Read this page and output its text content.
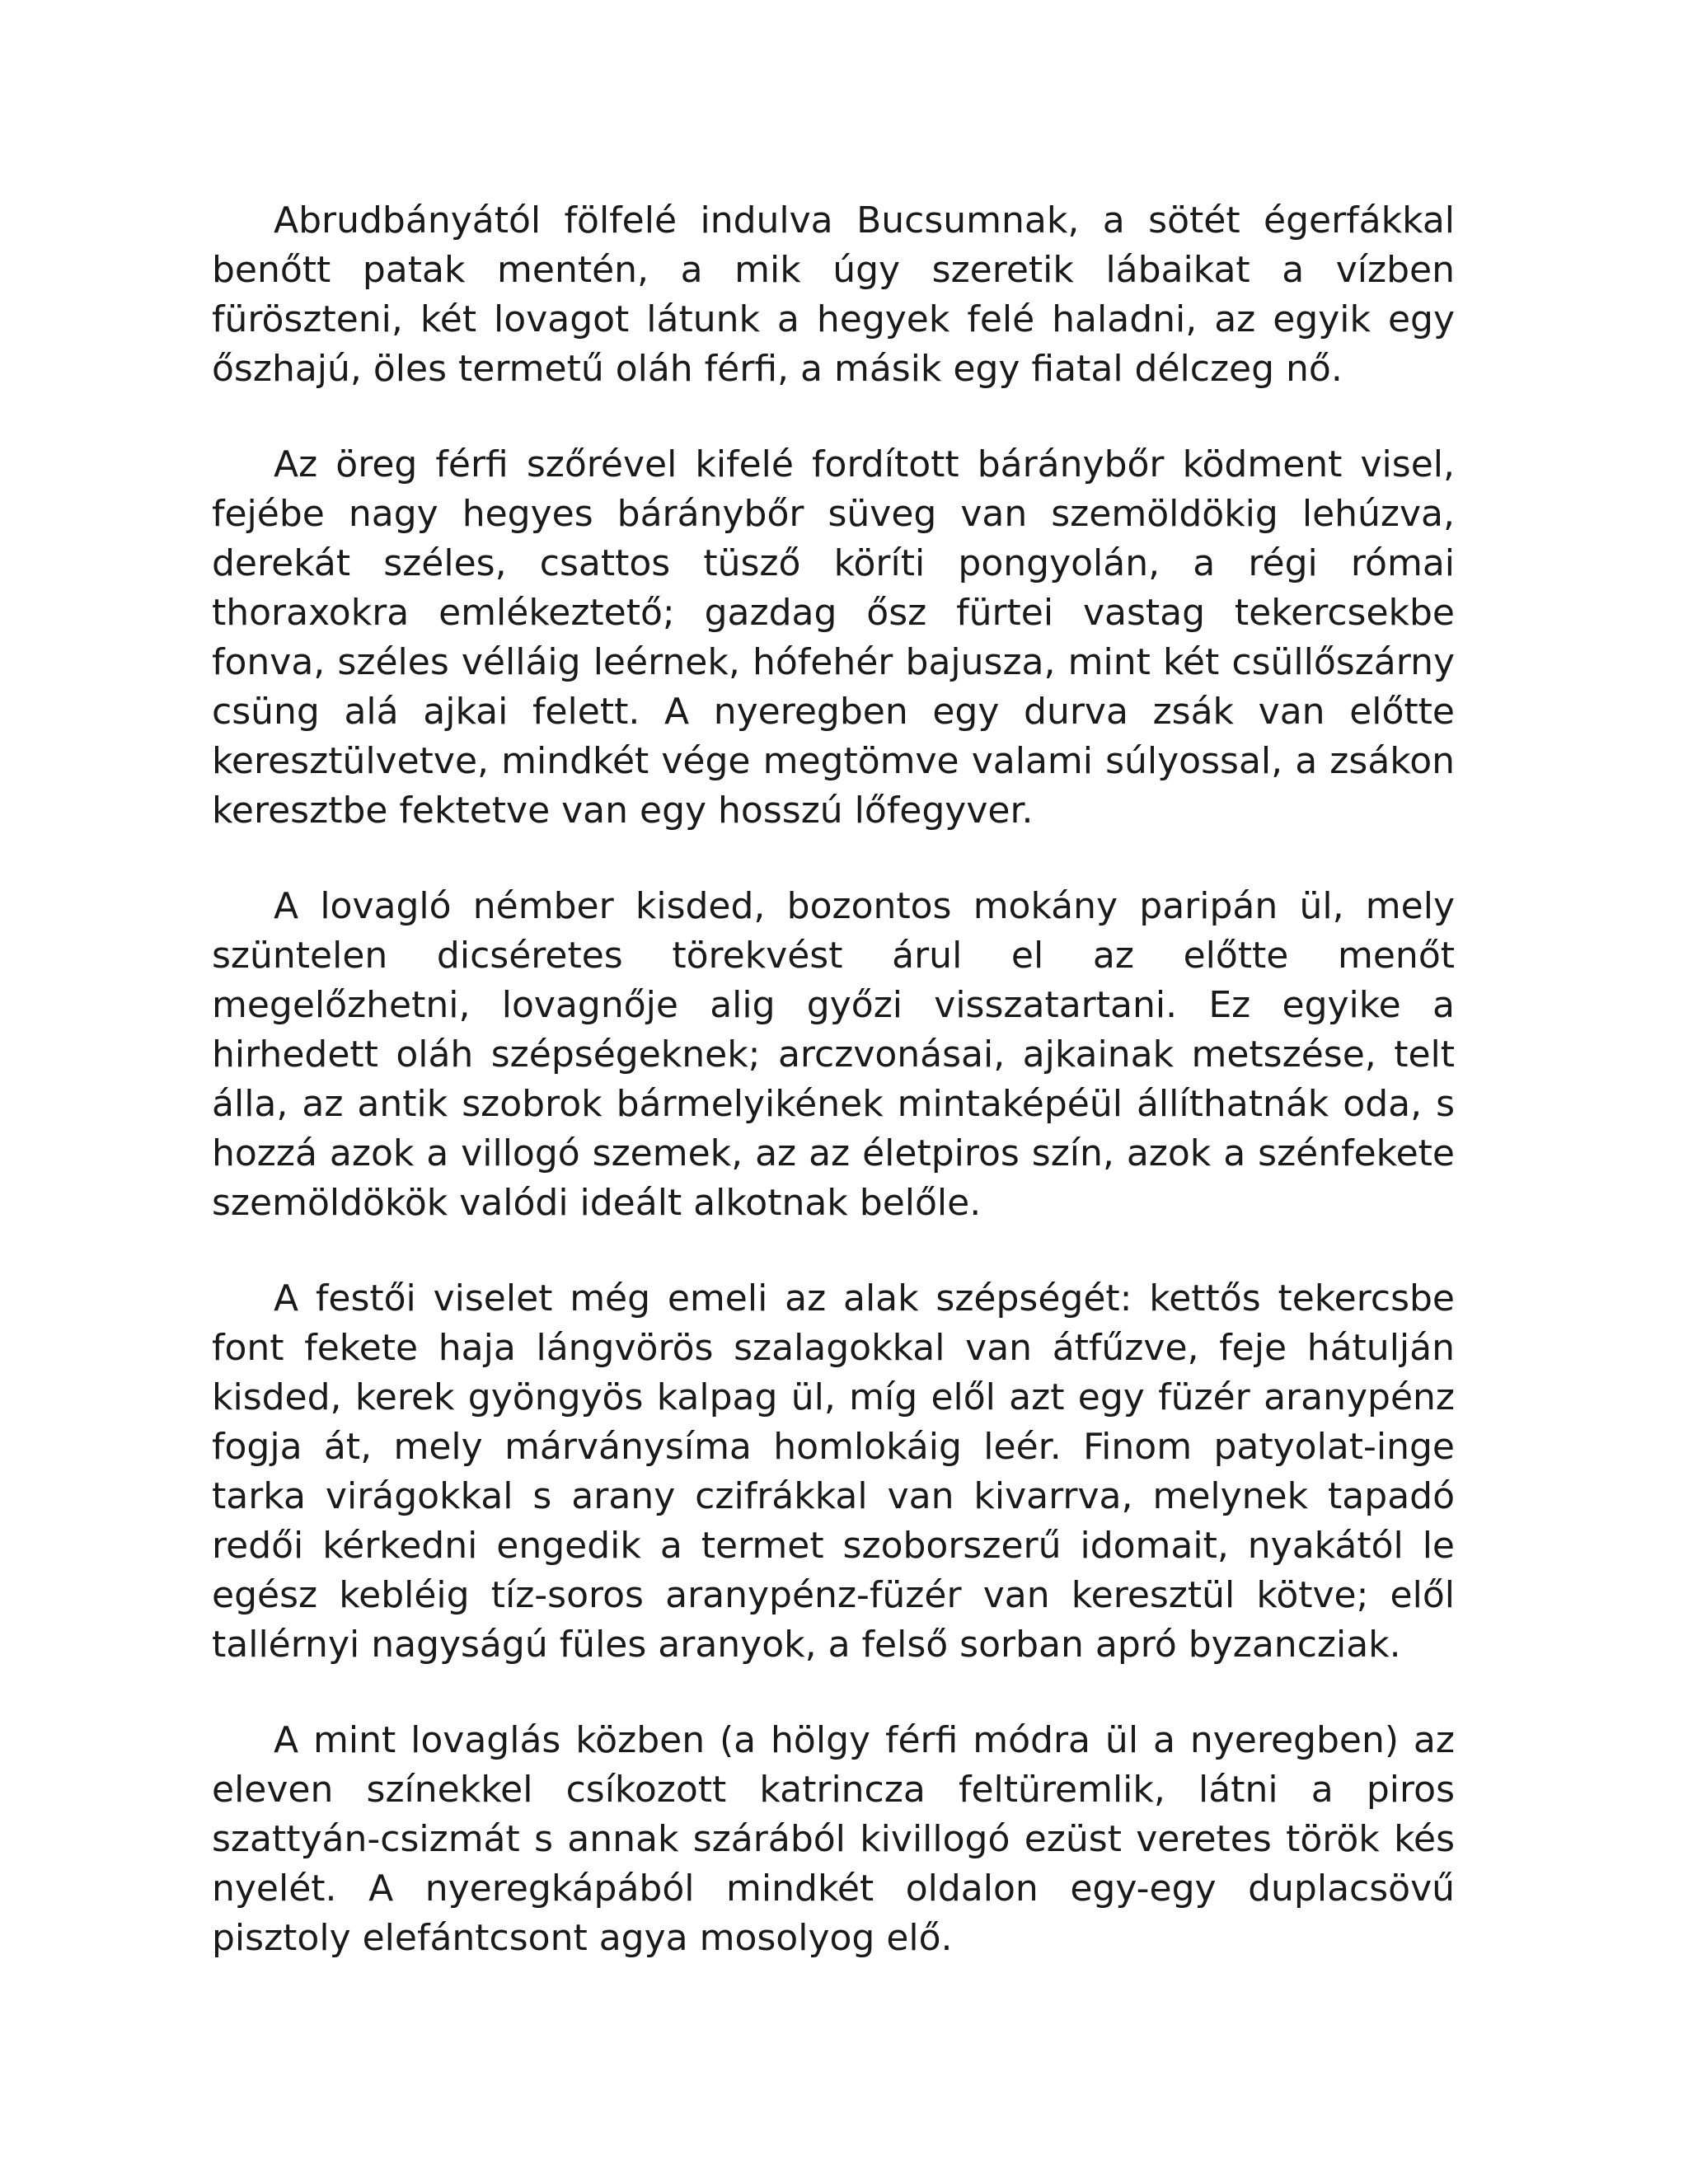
Abrudbányától fölfelé indulva Bucsumnak, a sötét égerfákkal benőtt patak mentén, a mik úgy szeretik lábaikat a vízben füröszteni, két lovagot látunk a hegyek felé haladni, az egyik egy őszhajú, öles termetű oláh férfi, a másik egy fiatal délczeg nő.

Az öreg férfi szőrével kifelé fordított báránybőr ködment visel, fejébe nagy hegyes báránybőr süveg van szemöldökig lehúzva, derekát széles, csattos tüsző köríti pongyolán, a régi római thoraxokra emlékeztető; gazdag ősz fürtei vastag tekercsekbe fonva, széles vélláig leérnek, hófehér bajusza, mint két csüllőszárny csüng alá ajkai felett. A nyeregben egy durva zsák van előtte keresztülvetve, mindkét vége megtömve valami súlyossal, a zsákon keresztbe fektetve van egy hosszú lőfegyver.

A lovagló némber kisded, bozontos mokány paripán ül, mely szüntelen dicséretes törekvést árul el az előtte menőt megelőzhetni, lovagnője alig győzi visszatartani. Ez egyike a hirhedett oláh szépségeknek; arczvonásai, ajkainak metszése, telt álla, az antik szobrok bármelyikének mintaképéül állíthatnák oda, s hozzá azok a villogó szemek, az az életpiros szín, azok a szénfekete szemöldökök valódi ideált alkotnak belőle.

A festői viselet még emeli az alak szépségét: kettős tekercsbe font fekete haja lángvörös szalagokkal van átfűzve, feje hátulján kisded, kerek gyöngyös kalpag ül, míg elől azt egy füzér aranypénz fogja át, mely márványsíma homlokáig leér. Finom patyolat-inge tarka virágokkal s arany czifrákkal van kivarrva, melynek tapadó redői kérkedni engedik a termet szoborszerű idomait, nyakától le egész kebléig tíz-soros aranypénz-füzér van keresztül kötve; elől tallérnyi nagyságú füles aranyok, a felső sorban apró byzancziak.

A mint lovaglás közben (a hölgy férfi módra ül a nyeregben) az eleven színekkel csíkozott katrincza feltüremlik, látni a piros szattyán-csizmát s annak szárából kivillogó ezüst veretes török kés nyelét. A nyeregkápából mindkét oldalon egy-egy duplacsövű pisztoly elefántcsont agya mosolyog elő.
